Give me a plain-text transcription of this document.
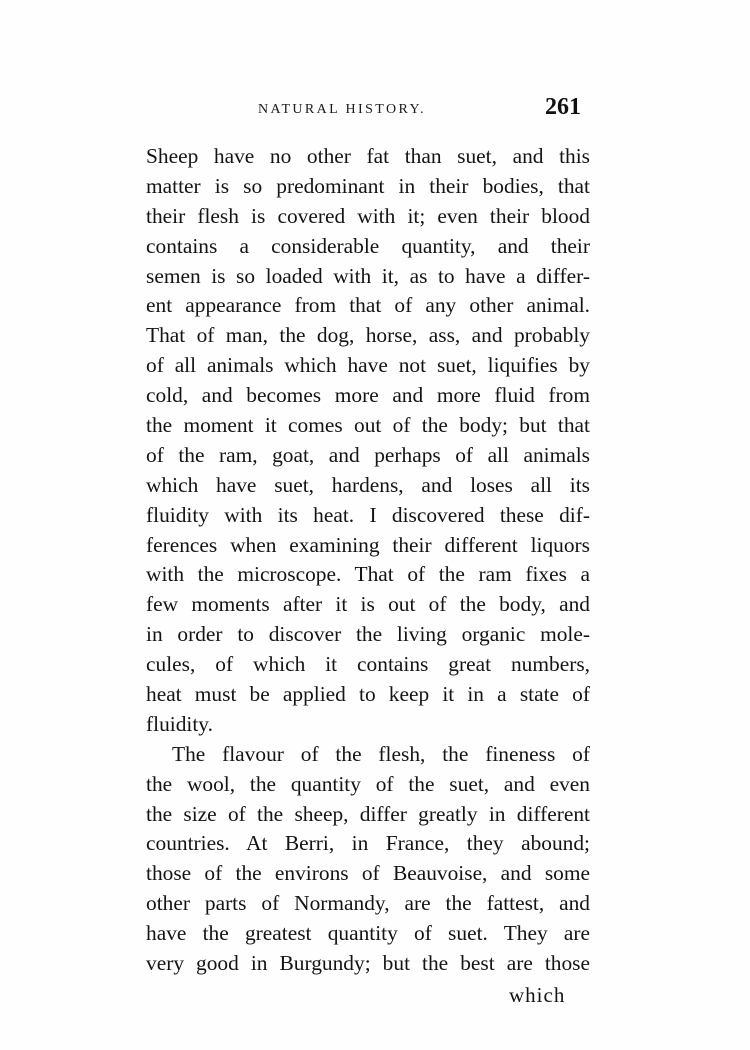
NATURAL HISTORY.	261
Sheep have no other fat than suet, and this
matter is so predominant in their bodies, that
their flesh is covered with it; even their blood
contains a considerable quantity, and their
semen is so loaded with it, as to have a differ-
ent appearance from that of any other animal.
That of man, the dog, horse, ass, and probably
of all animals which have not suet, liquifies by
cold, and becomes more and more fluid from
the moment it comes out of the body; but that
of the ram, goat, and perhaps of all animals
which have suet, hardens, and loses all its
fluidity with its heat. I discovered these dif-
ferences when examining their different liquors
with the microscope. That of the ram fixes a
few moments after it is out of the body, and
in order to discover the living organic mole-
cules, of which it contains great numbers,
heat must be applied to keep it in a state of
fluidity.
The flavour of the flesh, the fineness of
the wool, the quantity of the suet, and even
the size of the sheep, differ greatly in different
countries. At Berri, in France, they abound;
those of the environs of Beauvoise, and some
other parts of Normandy, are the fattest, and
have the greatest quantity of suet. They are
very good in Burgundy; but the best are those
which
